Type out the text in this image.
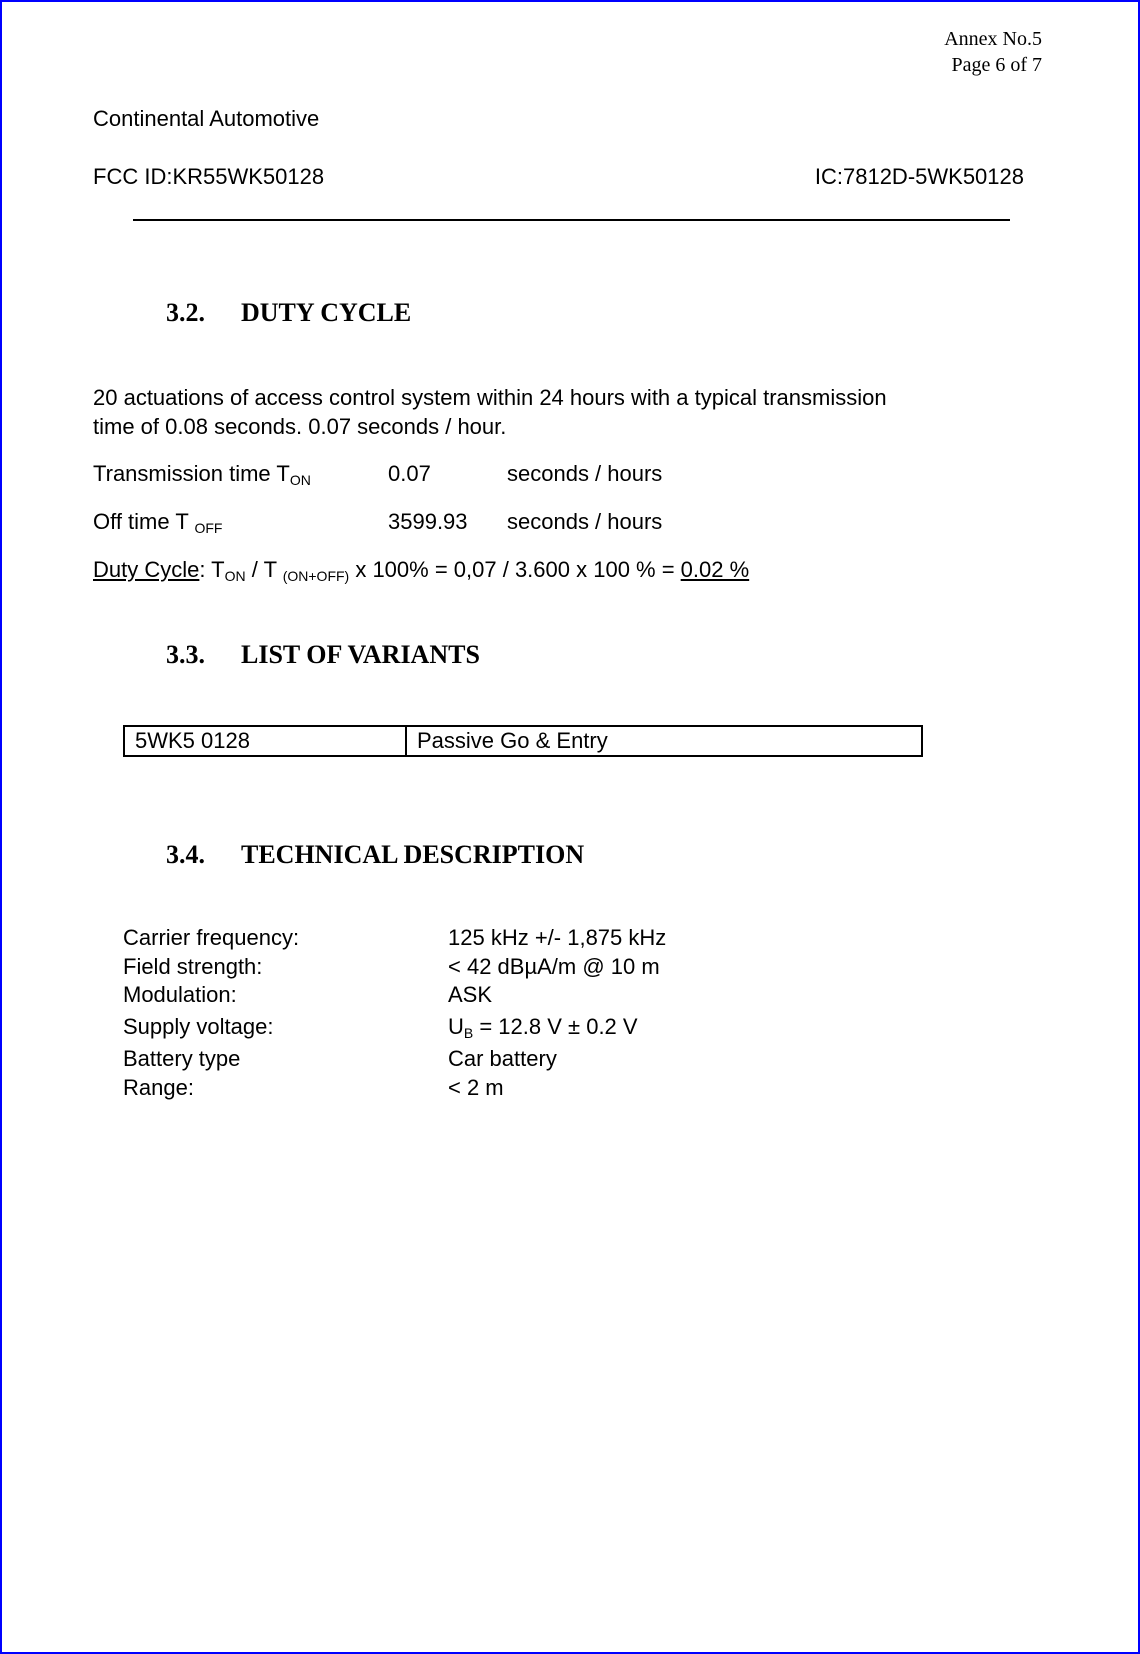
Annex No.5
Page 6 of 7
Continental Automotive
FCC ID:KR55WK50128	IC:7812D-5WK50128
3.2. DUTY CYCLE
20 actuations of access control system within 24 hours with a typical transmission
time of 0.08 seconds. 0.07 seconds / hour.
Transmission time $T_{ON}$	0.07	seconds / hours
Off time T $_{OFF}$	3599.93 seconds / hours
Duty Cycle: $T_{ON}$ / T $_{(ON+OFF)}$ x 100% = 0,07 / 3.600 x 100 % = 0.02 %
3.3. LIST OF VARIANTS
5WK5 0128	Passive Go & Entry
3.4. TECHNICAL DESCRIPTION
Carrier frequency:	125 kHz +/- 1,875 kHz
Field strength:	< 42 dBµA/m @ 10 m
Modulation:	ASK
Supply voltage:	$U_B = 12.8$ V ± 0.2 V
Battery type	Car battery
Range:	< 2 m
